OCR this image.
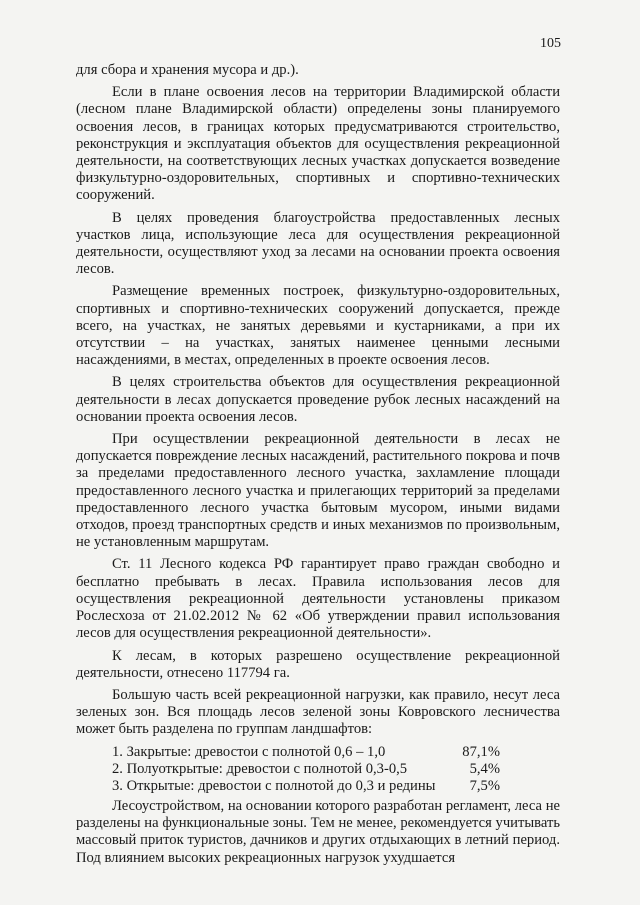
105

для сбора и хранения мусора и др.).

Если в плане освоения лесов на территории Владимирской области (лесном плане Владимирской области) определены зоны планируемого освоения лесов, в границах которых предусматриваются строительство, реконструкция и эксплуатация объектов для осуществления рекреационной деятельности, на соответствующих лесных участках допускается возведение физкультурно-оздоровительных, спортивных и спортивно-технических сооружений.

В целях проведения благоустройства предоставленных лесных участков лица, использующие леса для осуществления рекреационной деятельности, осуществляют уход за лесами на основании проекта освоения лесов.

Размещение временных построек, физкультурно-оздоровительных, спортивных и спортивно-технических сооружений допускается, прежде всего, на участках, не занятых деревьями и кустарниками, а при их отсутствии – на участках, занятых наименее ценными лесными насаждениями, в местах, определенных в проекте освоения лесов.

В целях строительства объектов для осуществления рекреационной деятельности в лесах допускается проведение рубок лесных насаждений на основании проекта освоения лесов.

При осуществлении рекреационной деятельности в лесах не допускается повреждение лесных насаждений, растительного покрова и почв за пределами предоставленного лесного участка, захламление площади предоставленного лесного участка и прилегающих территорий за пределами предоставленного лесного участка бытовым мусором, иными видами отходов, проезд транспортных средств и иных механизмов по произвольным, не установленным маршрутам.

Ст. 11 Лесного кодекса РФ гарантирует право граждан свободно и бесплатно пребывать в лесах. Правила использования лесов для осуществления рекреационной деятельности установлены приказом Рослесхоза от 21.02.2012 № 62 «Об утверждении правил использования лесов для осуществления рекреационной деятельности».

К лесам, в которых разрешено осуществление рекреационной деятельности, отнесено 117794 га.

Большую часть всей рекреационной нагрузки, как правило, несут леса зеленых зон. Вся площадь лесов зеленой зоны Ковровского лесничества может быть разделена по группам ландшафтов:

1. Закрытые: древостои с полнотой 0,6 – 1,0	87,1%
2. Полуоткрытые: древостои с полнотой 0,3-0,5	5,4%
3. Открытые: древостои с полнотой до 0,3 и редины 7,5%

Лесоустройством, на основании которого разработан регламент, леса не разделены на функциональные зоны. Тем не менее, рекомендуется учитывать массовый приток туристов, дачников и других отдыхающих в летний период. Под влиянием высоких рекреационных нагрузок ухудшается
